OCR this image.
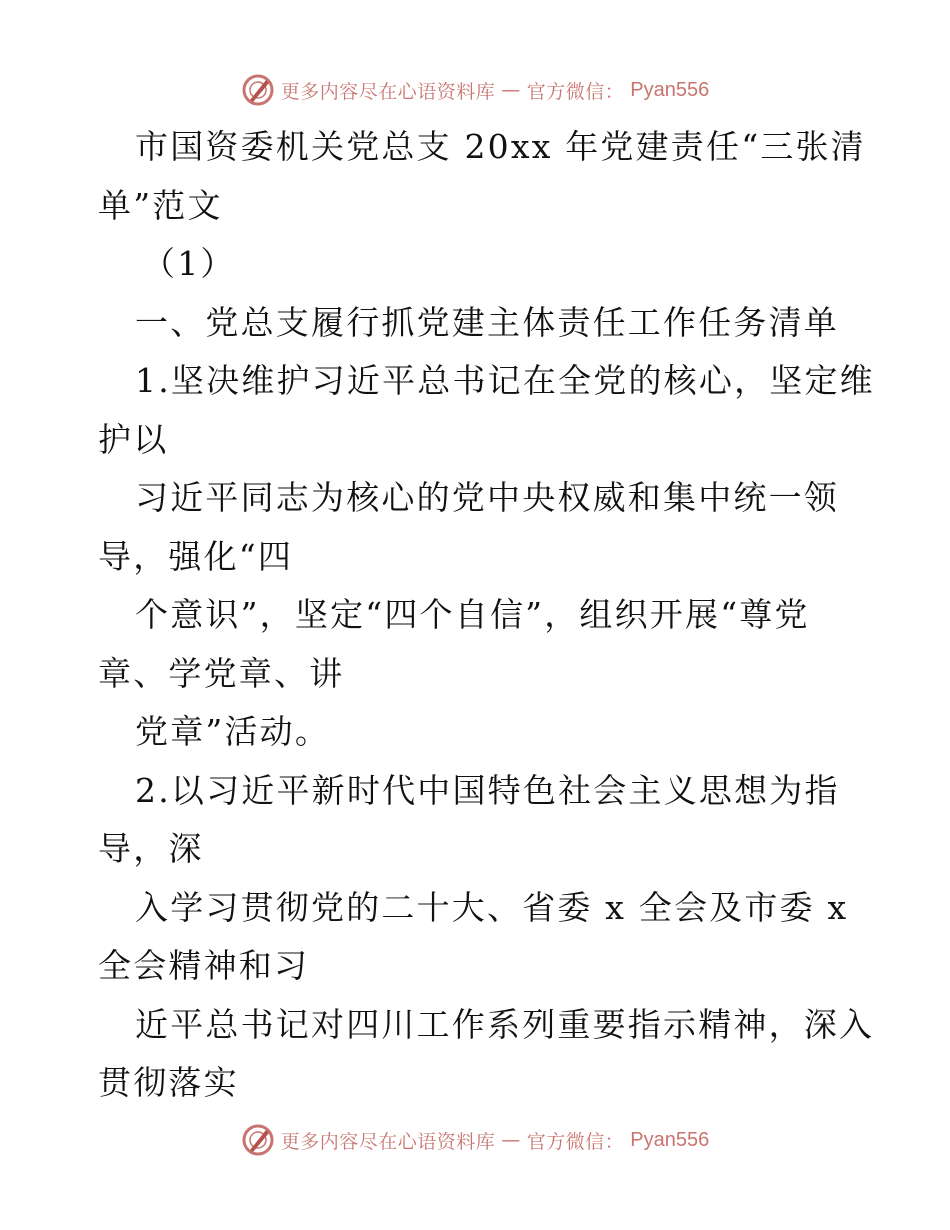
更多内容尽在心语资料库 — 官方微信： Pyan556
市国资委机关党总支 20xx 年党建责任“三张清
单”范文
（1）
一、党总支履行抓党建主体责任工作任务清单
1.坚决维护习近平总书记在全党的核心，坚定维
护以
习近平同志为核心的党中央权威和集中统一领
导，强化“四
个意识”，坚定“四个自信”，组织开展“尊党
章、学党章、讲
党章”活动。
2.以习近平新时代中国特色社会主义思想为指
导，深
入学习贯彻党的二十大、省委 x 全会及市委 x
全会精神和习
近平总书记对四川工作系列重要指示精神，深入
贯彻落实
更多内容尽在心语资料库 — 官方微信： Pyan556
